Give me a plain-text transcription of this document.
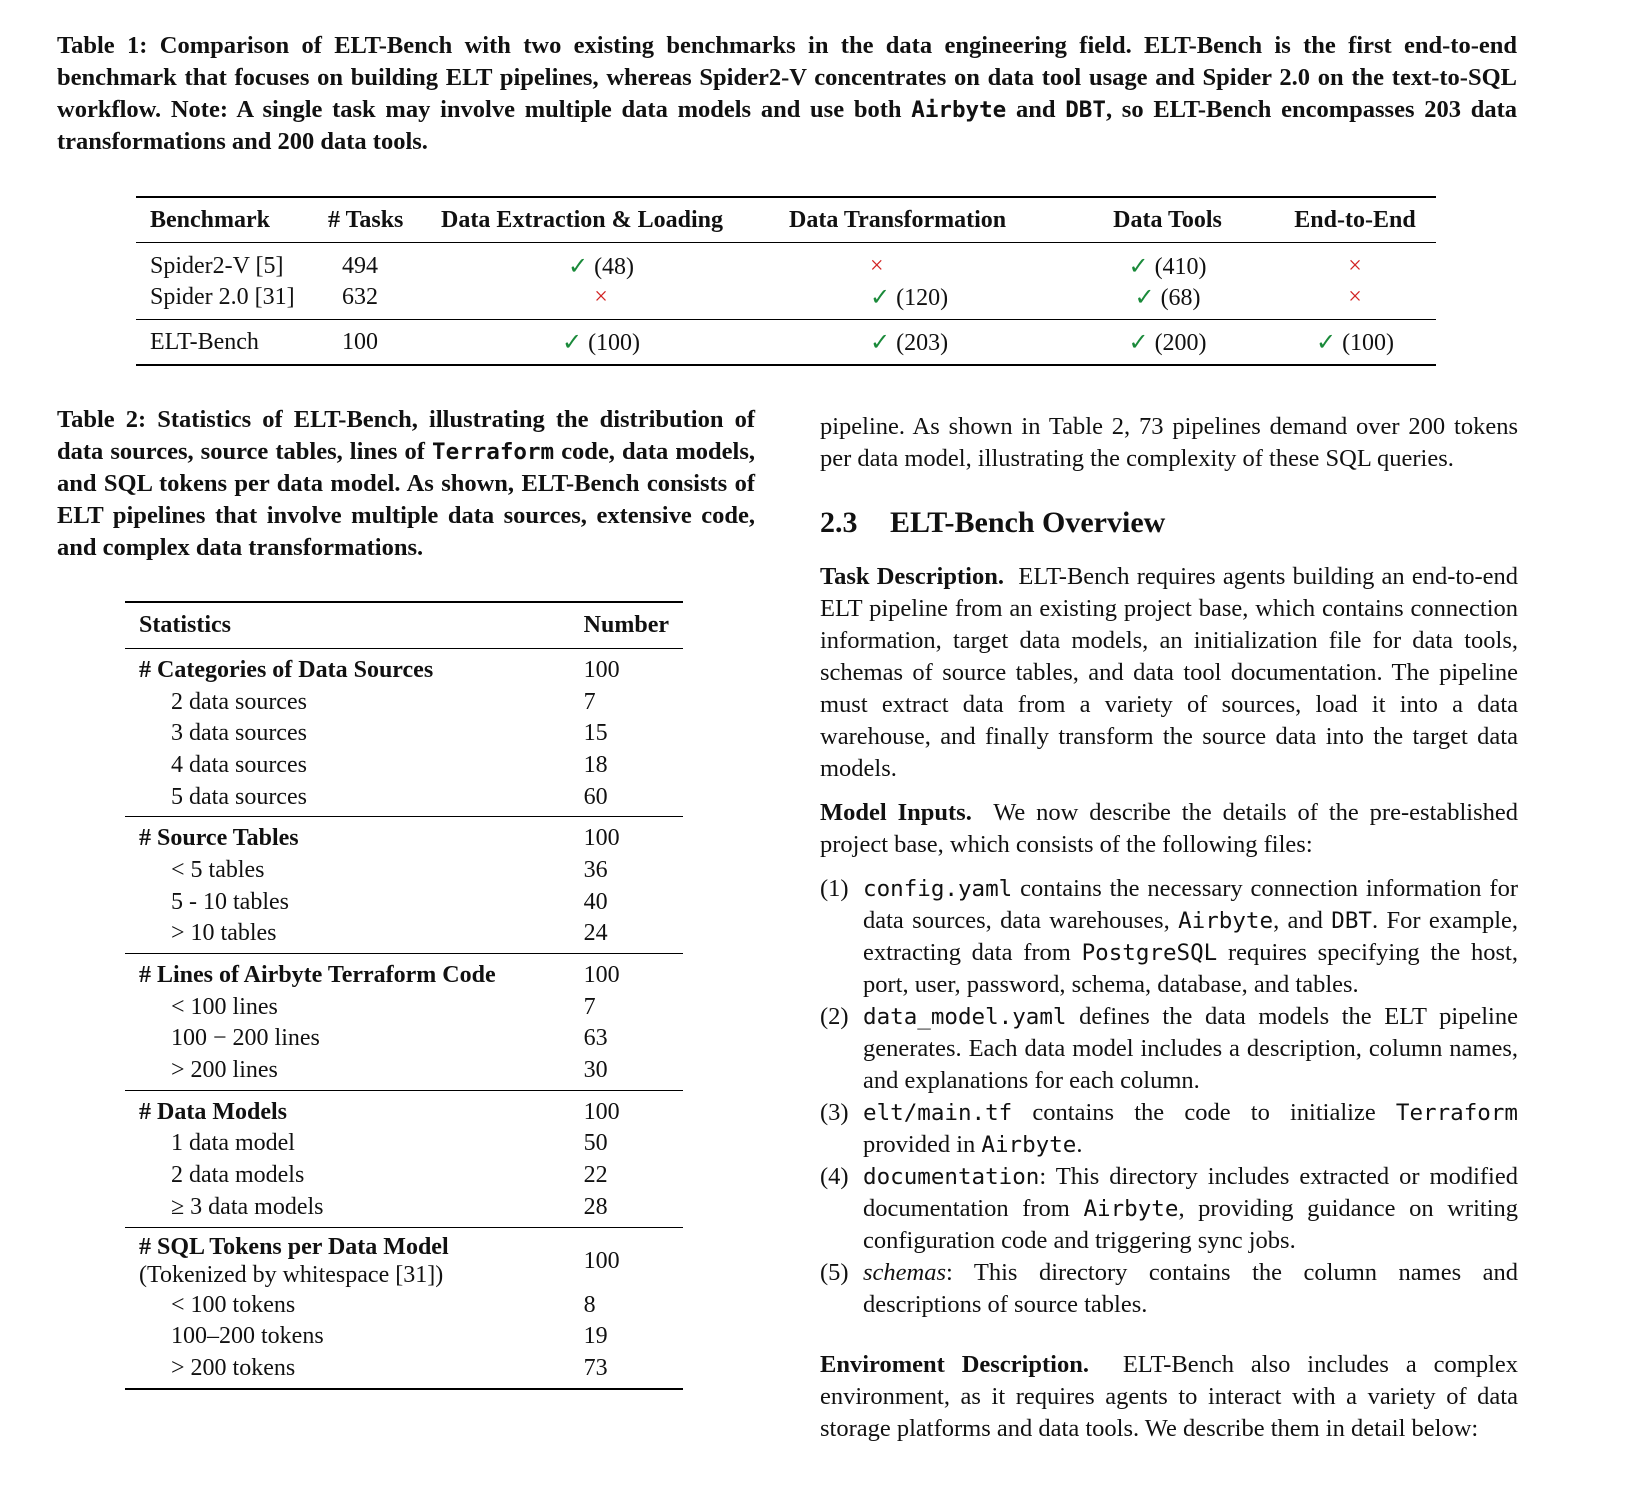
Table 1: Comparison of ELT-Bench with two existing benchmarks in the data engineering field. ELT-Bench is the first end-to-end benchmark that focuses on building ELT pipelines, whereas Spider2-V concentrates on data tool usage and Spider 2.0 on the text-to-SQL workflow. Note: A single task may involve multiple data models and use both Airbyte and DBT, so ELT-Bench encompasses 203 data transformations and 200 data tools.
Benchmark	# Tasks	Data Extraction & Loading	Data Transformation	Data Tools	End-to-End
Spider2-V [5]	494	✓ (48)	×	✓ (410)	×
Spider 2.0 [31]	632	×	✓ (120)	✓ (68)	×
ELT-Bench	100	✓ (100)	✓ (203)	✓ (200)	✓ (100)
Table 2: Statistics of ELT-Bench, illustrating the distribution of data sources, source tables, lines of Terraform code, data models, and SQL tokens per data model. As shown, ELT-Bench consists of ELT pipelines that involve multiple data sources, extensive code, and complex data transformations.
Statistics	Number
# Categories of Data Sources	100
2 data sources	7
3 data sources	15
4 data sources	18
5 data sources	60
# Source Tables	100
< 5 tables	36
5 - 10 tables	40
> 10 tables	24
# Lines of Airbyte Terraform Code	100
< 100 lines	7
100 − 200 lines	63
> 200 lines	30
# Data Models	100
1 data model	50
2 data models	22
≥ 3 data models	28
# SQL Tokens per Data Model
(Tokenized by whitespace [31])	100
< 100 tokens	8
100–200 tokens	19
> 200 tokens	73

pipeline. As shown in Table 2, 73 pipelines demand over 200 tokens per data model, illustrating the complexity of these SQL queries.

2.3 ELT-Bench Overview

Task Description. ELT-Bench requires agents building an end-to-end ELT pipeline from an existing project base, which contains connection information, target data models, an initialization file for data tools, schemas of source tables, and data tool documentation. The pipeline must extract data from a variety of sources, load it into a data warehouse, and finally transform the source data into the target data models.

Model Inputs. We now describe the details of the pre-established project base, which consists of the following files:

(1) config.yaml contains the necessary connection information for data sources, data warehouses, Airbyte, and DBT. For example, extracting data from PostgreSQL requires specifying the host, port, user, password, schema, database, and tables.
(2) data_model.yaml defines the data models the ELT pipeline generates. Each data model includes a description, column names, and explanations for each column.
(3) elt/main.tf contains the code to initialize Terraform provided in Airbyte.
(4) documentation: This directory includes extracted or modified documentation from Airbyte, providing guidance on writing configuration code and triggering sync jobs.
(5) schemas: This directory contains the column names and descriptions of source tables.

Enviroment Description. ELT-Bench also includes a complex environment, as it requires agents to interact with a variety of data storage platforms and data tools. We describe them in detail below:
